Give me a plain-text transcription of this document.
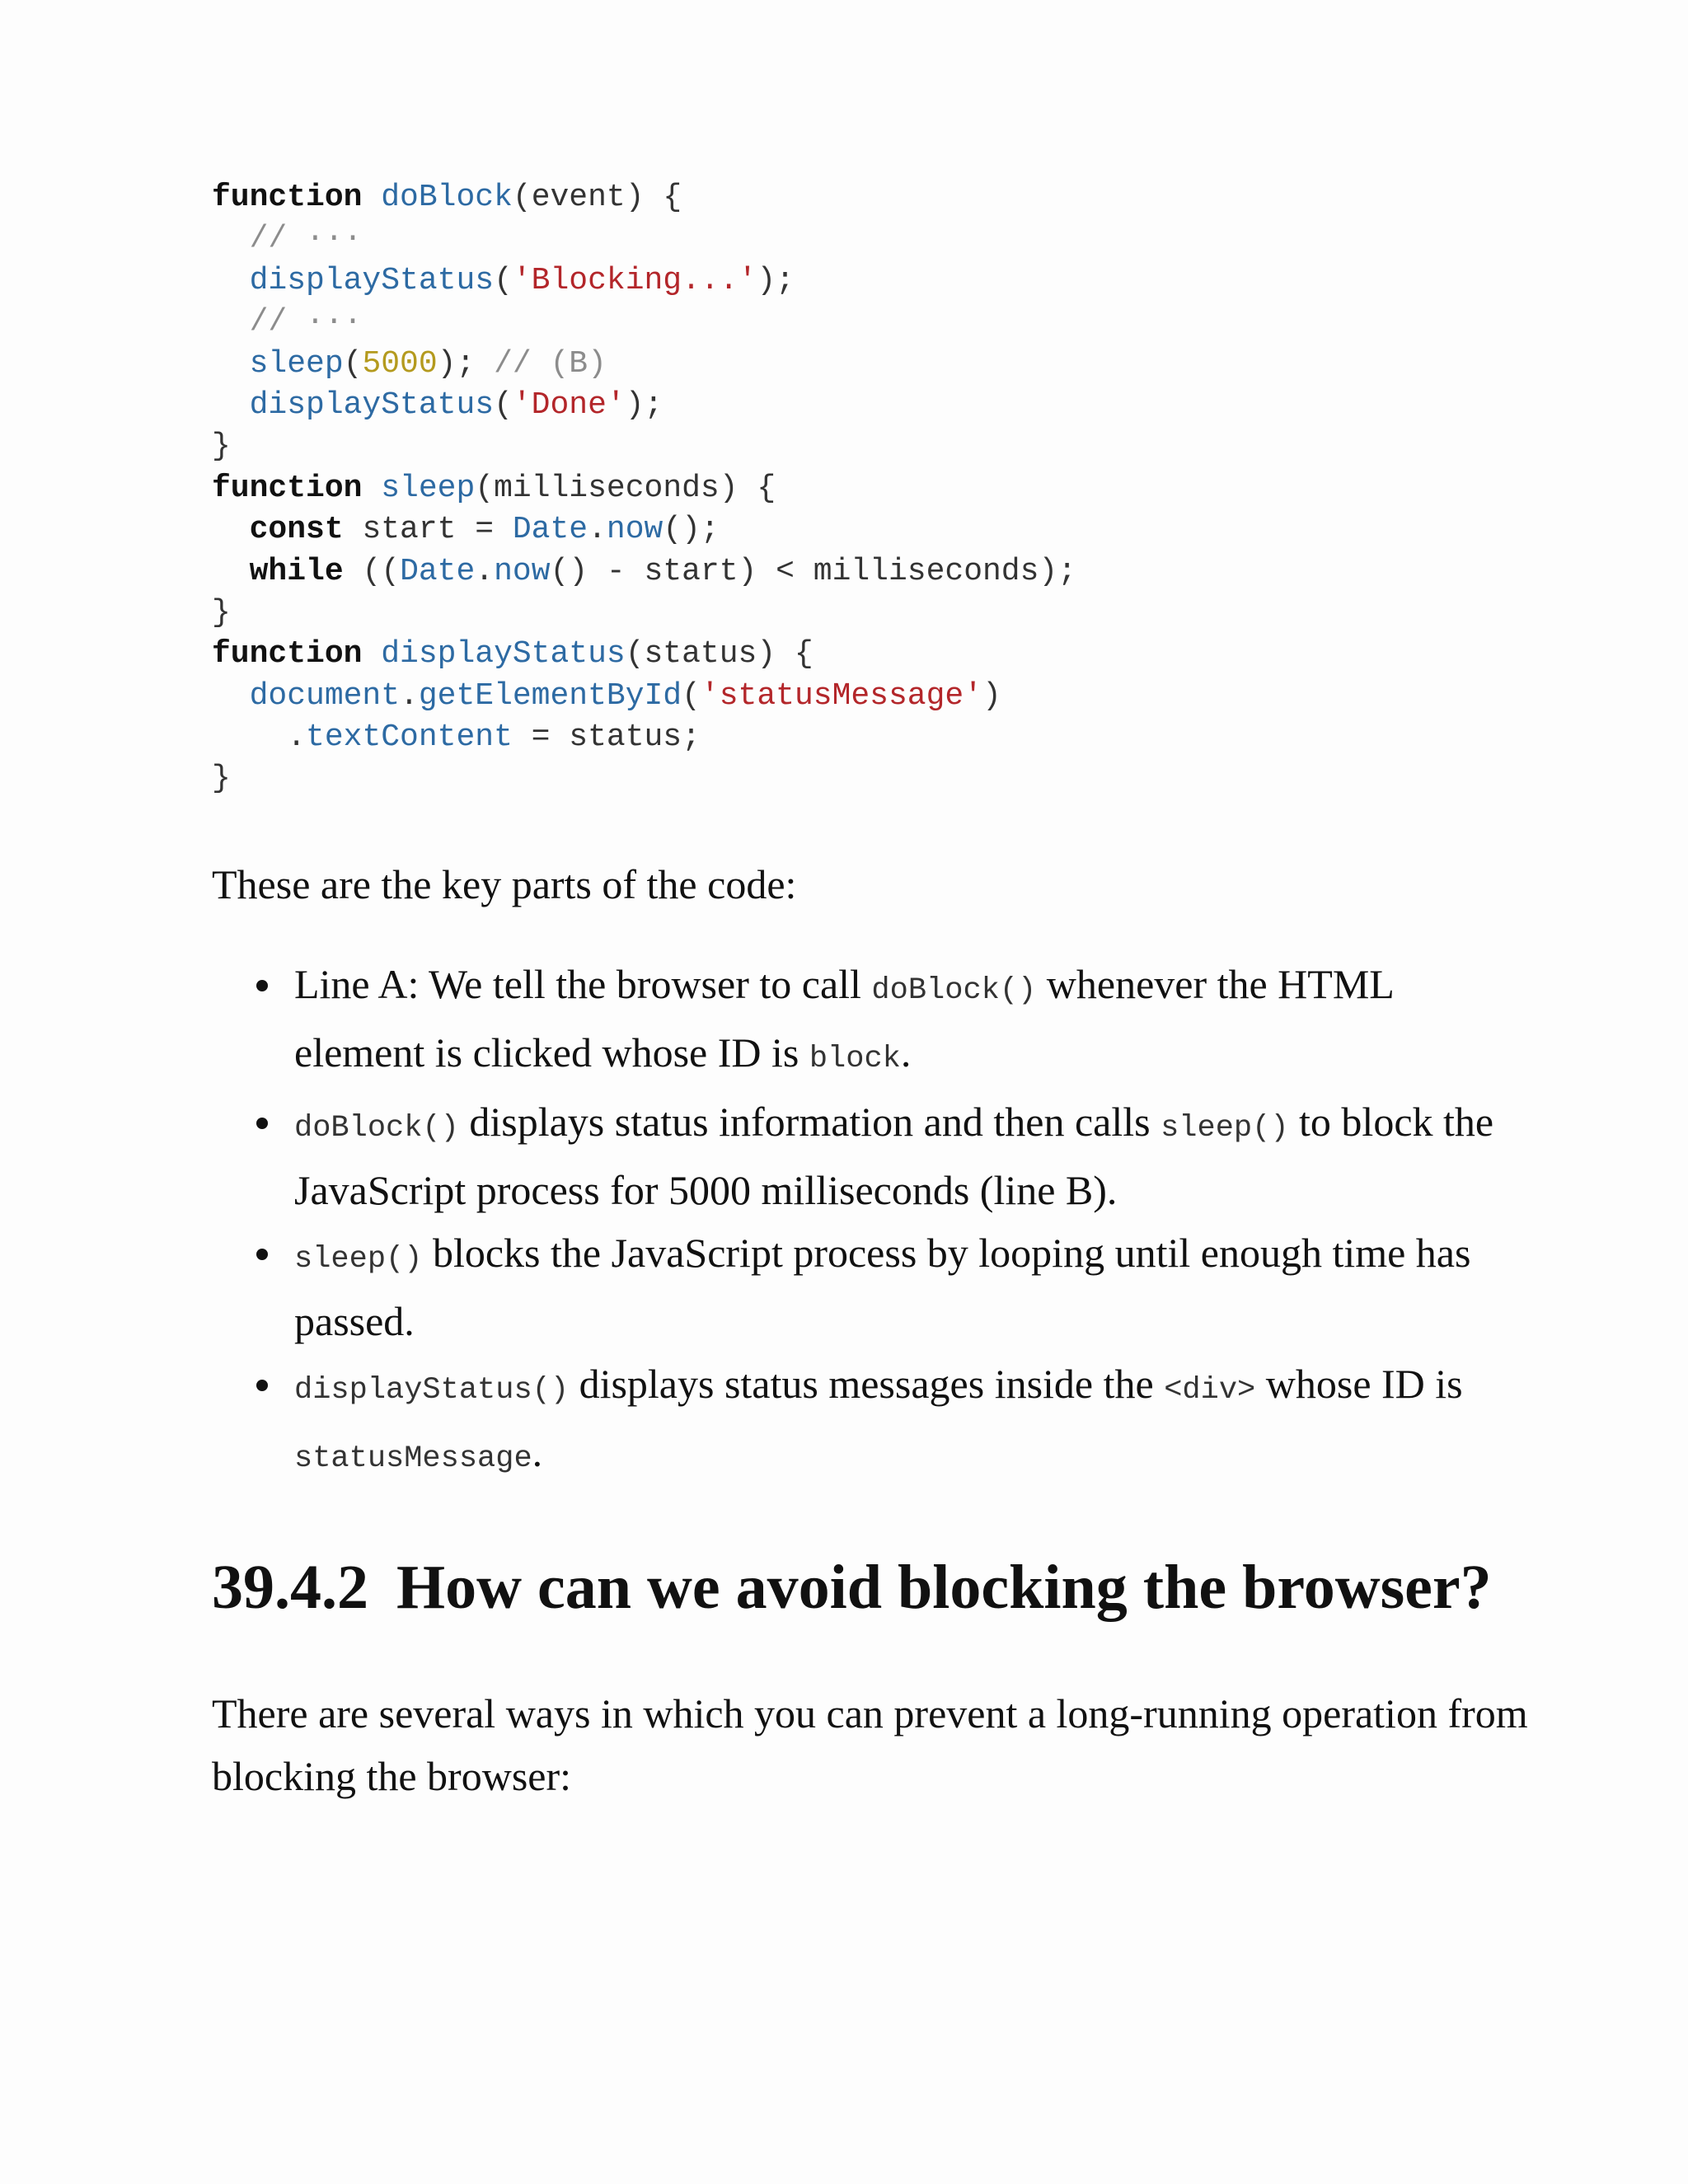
function doBlock(event) {
// ···
displayStatus('Blocking...');
// ···
sleep(5000); // (B)
displayStatus('Done');
}
function sleep(milliseconds) {
const start = Date.now();
while ((Date.now() - start) < milliseconds);
}
function displayStatus(status) {
document.getElementById('statusMessage')
.textContent = status;
}
These are the key parts of the code:
Line A: We tell the browser to call doBlock() whenever the HTML element is clicked whose ID is block.
doBlock() displays status information and then calls sleep() to block the JavaScript process for 5000 milliseconds (line B).
sleep() blocks the JavaScript process by looping until enough time has passed.
displayStatus() displays status messages inside the <div> whose ID is statusMessage.
39.4.2 How can we avoid blocking the browser?
There are several ways in which you can prevent a long-running operation from blocking the browser:
